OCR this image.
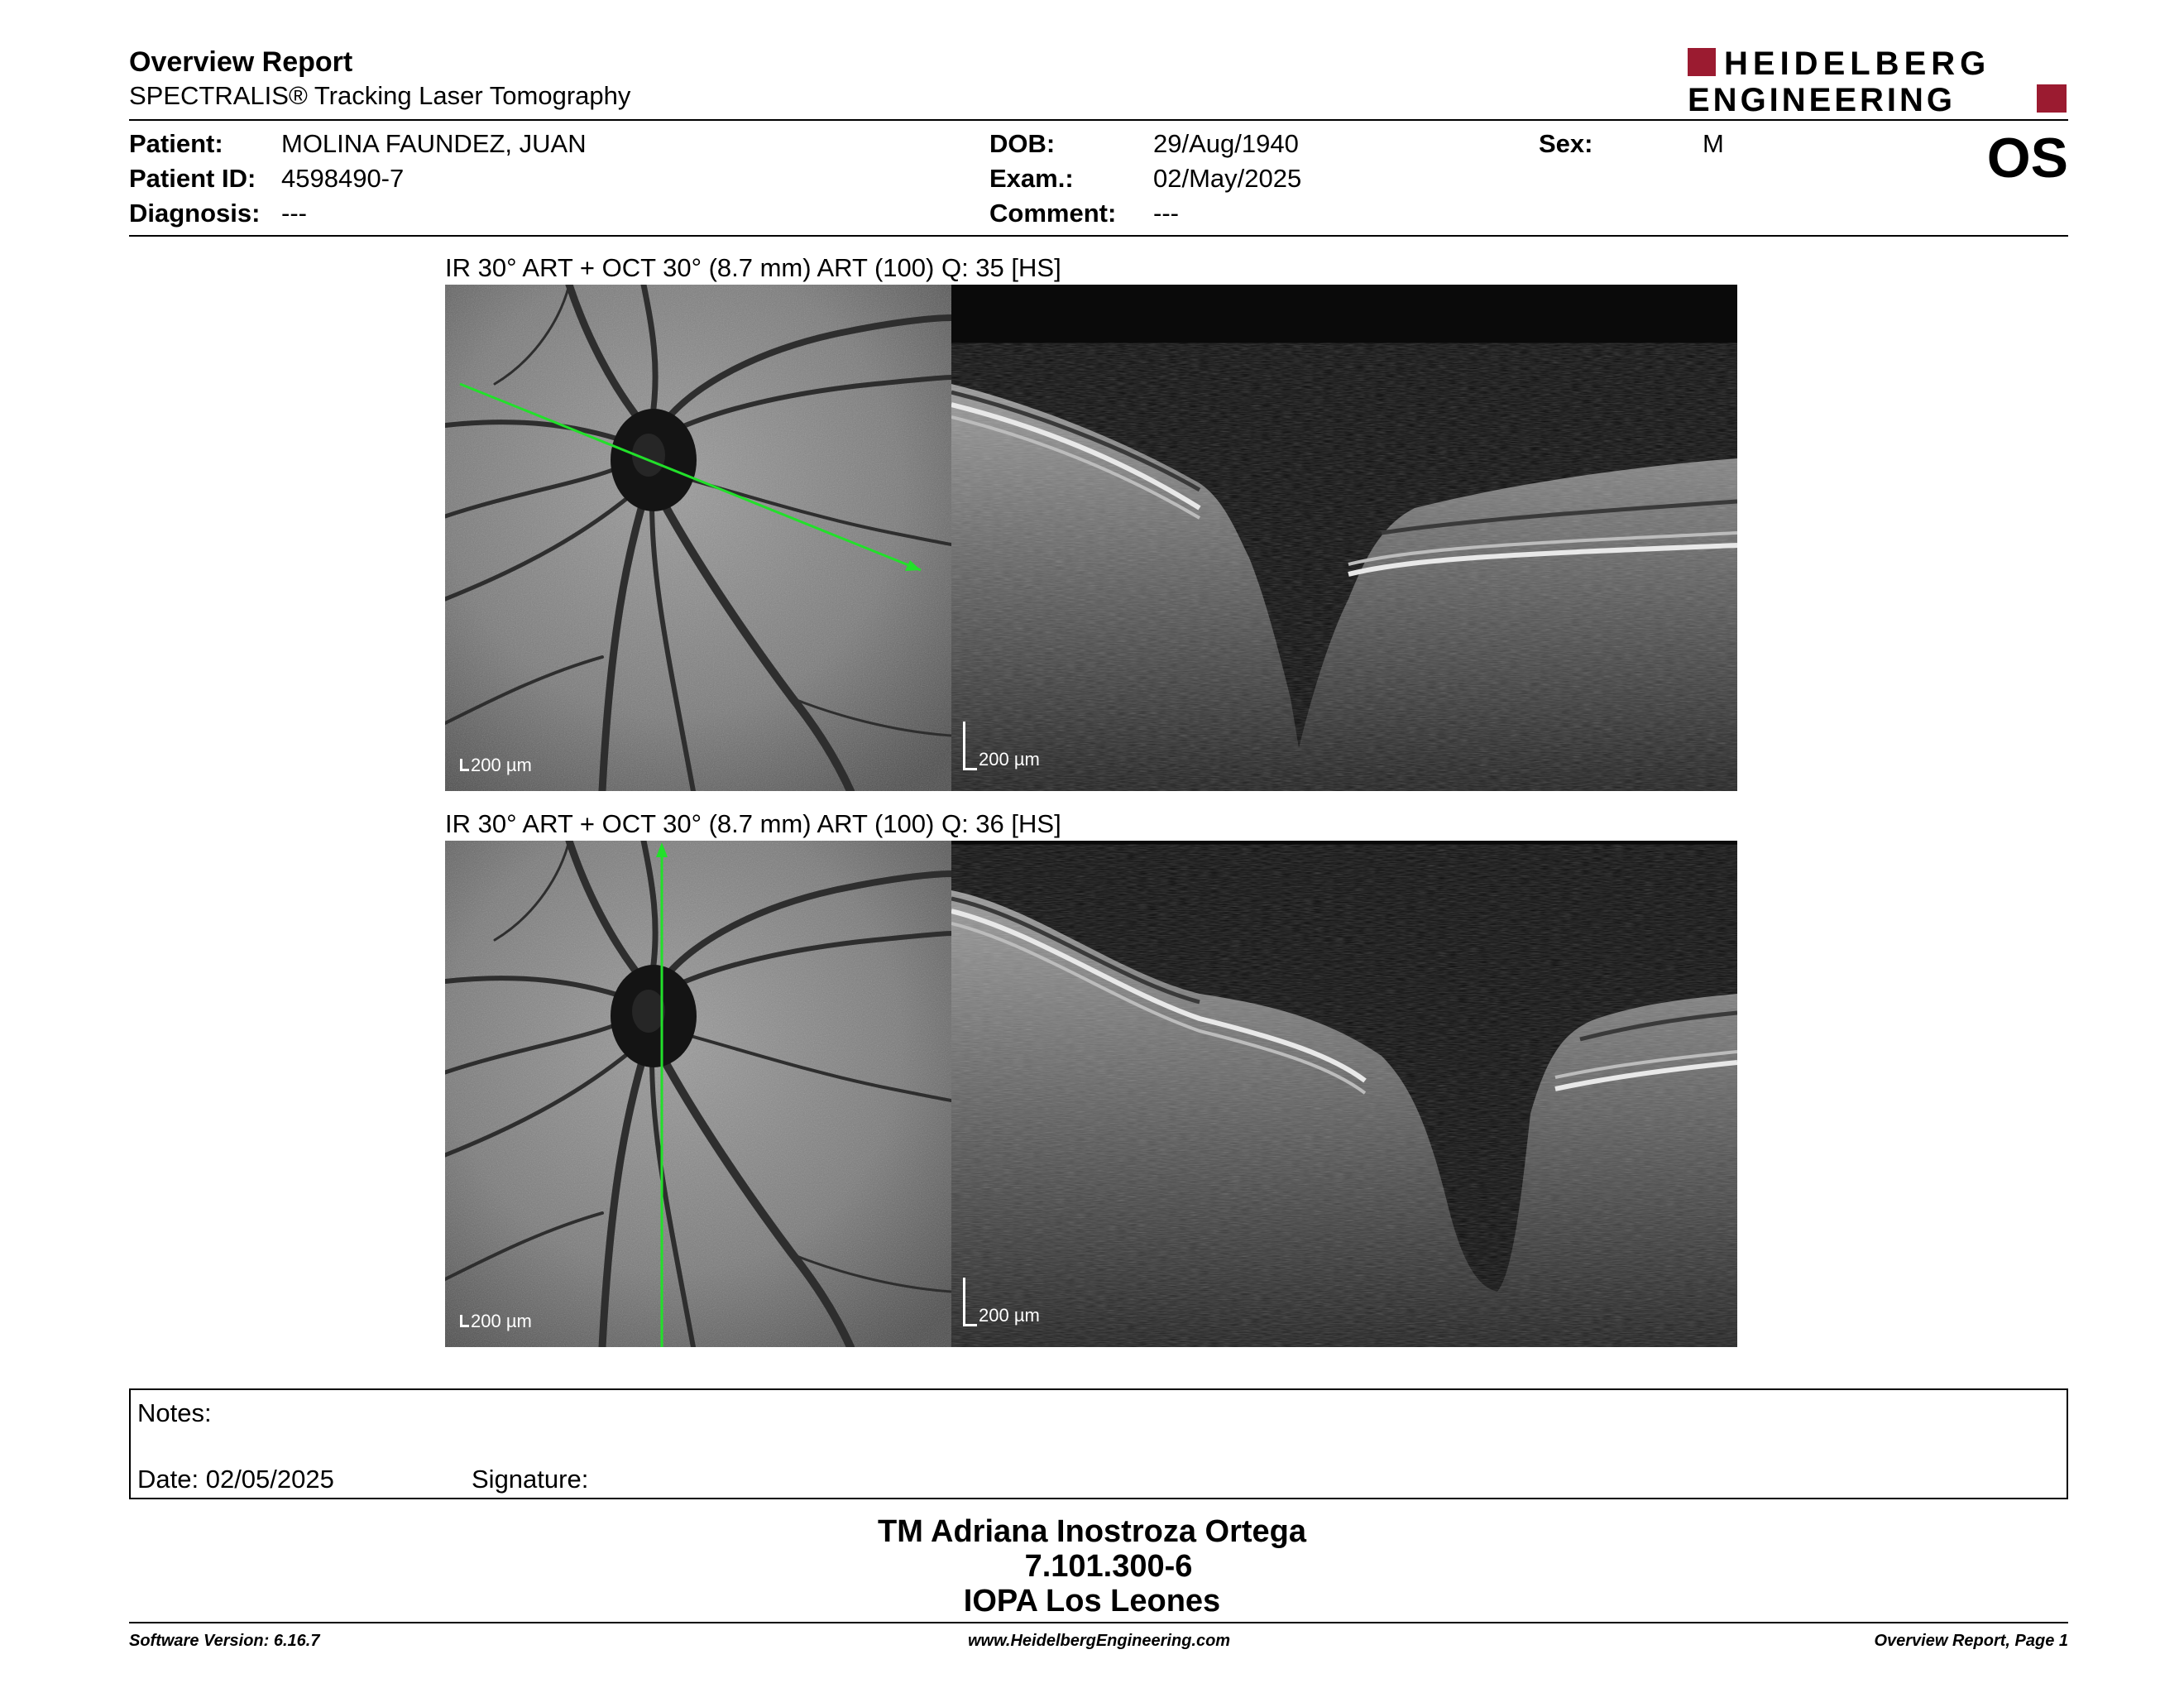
Overview Report
SPECTRALIS® Tracking Laser Tomography
HEIDELBERG
ENGINEERING
Patient: MOLINA FAUNDEZ, JUAN
Patient ID: 4598490-7
Diagnosis: ---
DOB:	29/Aug/1940
Exam.:	02/May/2025
Comment: ---
Sex:	M	OS
IR 30° ART + OCT 30° (8.7 mm) ART (100) Q: 35 [HS]
200 µm	200 µm
IR 30° ART + OCT 30° (8.7 mm) ART (100) Q: 36 [HS]
200 µm	200 µm
Notes:
Date: 02/05/2025	Signature:
TM Adriana Inostroza Ortega
7.101.300-6
IOPA Los Leones
Software Version: 6.16.7	www.HeidelbergEngineering.com	Overview Report, Page 1
